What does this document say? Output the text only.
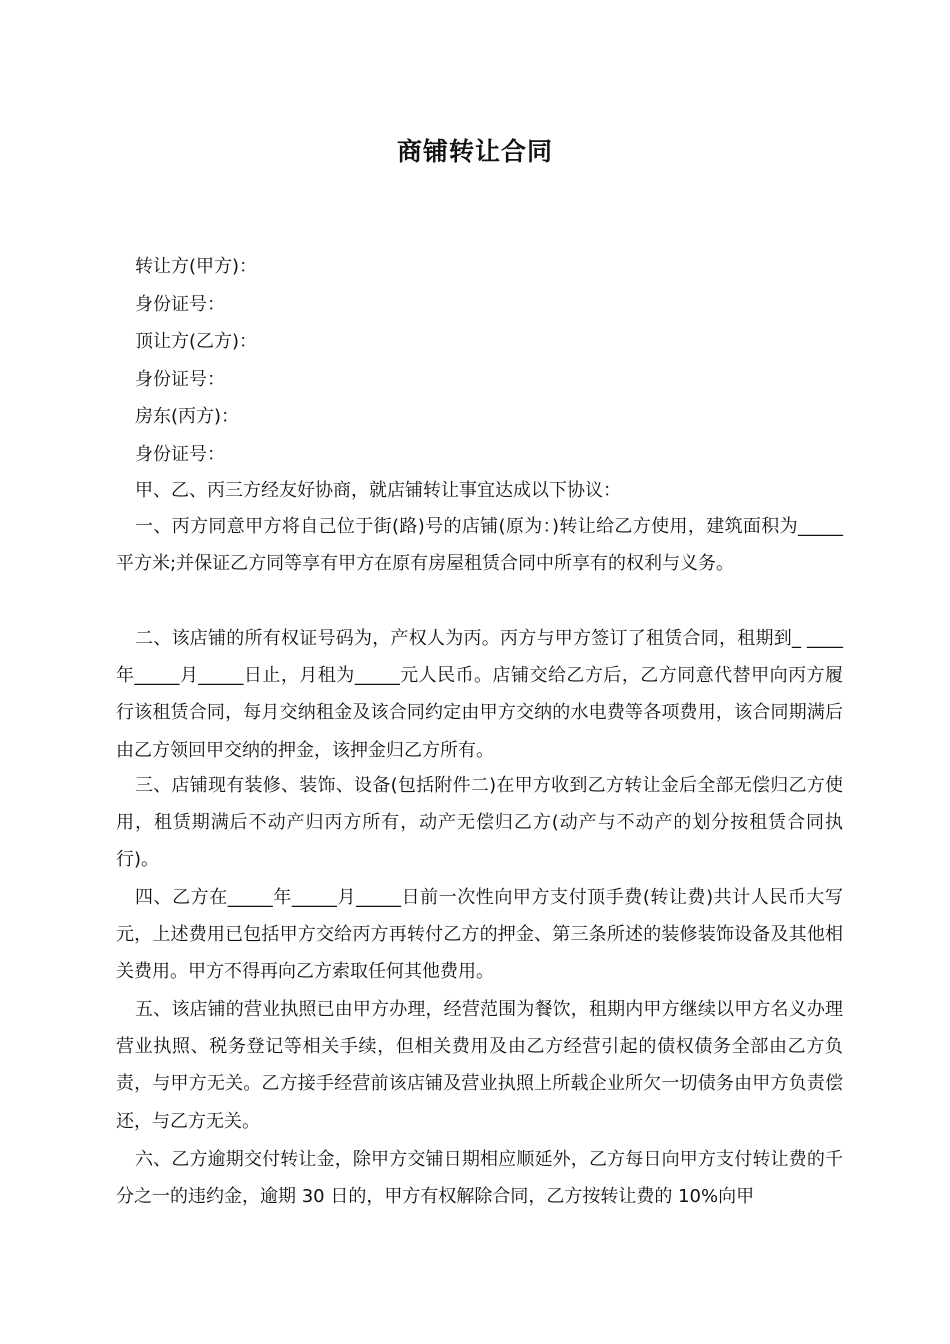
商铺转让合同
转让方(甲方)：
身份证号：
顶让方(乙方)：
身份证号：
房东(丙方)：
身份证号：
甲、乙、丙三方经友好协商，就店铺转让事宜达成以下协议：

一、丙方同意甲方将自己位于街(路)号的店铺(原为：)转让给乙方使用，建筑面积为_____平方米;并保证乙方同等享有甲方在原有房屋租赁合同中所享有的权利与义务。

二、该店铺的所有权证号码为，产权人为丙。丙方与甲方签订了租赁合同，租期到_ ____年_____月_____日止，月租为_____元人民币。店铺交给乙方后，乙方同意代替甲向丙方履行该租赁合同，每月交纳租金及该合同约定由甲方交纳的水电费等各项费用，该合同期满后由乙方领回甲交纳的押金，该押金归乙方所有。

三、店铺现有装修、装饰、设备(包括附件二)在甲方收到乙方转让金后全部无偿归乙方使用，租赁期满后不动产归丙方所有，动产无偿归乙方(动产与不动产的划分按租赁合同执行)。

四、乙方在_____年_____月_____日前一次性向甲方支付顶手费(转让费)共计人民币大写元，上述费用已包括甲方交给丙方再转付乙方的押金、第三条所述的装修装饰设备及其他相关费用。甲方不得再向乙方索取任何其他费用。

五、该店铺的营业执照已由甲方办理，经营范围为餐饮，租期内甲方继续以甲方名义办理营业执照、税务登记等相关手续，但相关费用及由乙方经营引起的债权债务全部由乙方负责，与甲方无关。乙方接手经营前该店铺及营业执照上所载企业所欠一切债务由甲方负责偿还，与乙方无关。

六、乙方逾期交付转让金，除甲方交铺日期相应顺延外，乙方每日向甲方支付转让费的千分之一的违约金，逾期 30 日的，甲方有权解除合同，乙方按转让费的 10%向甲
